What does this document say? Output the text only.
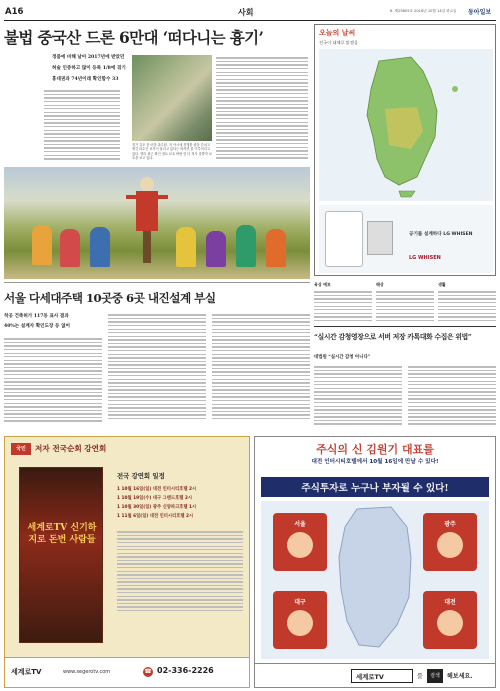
A16	사회	8. 제29605호 2018년 10월 14일 화요일 동아일보
불법 중국산 드론 6만대 ‘떠다니는 흉기’
정품에 비해 날아 2017년에 받았던
허술 인증하고 많이 등록 1/8에 겪기
홍대권과 74년이래 확인함수 33
경기 김포 한 마을 과수원. 저 아시에 경계를 줄을 간치고 생긴 파수인 표목이 물리고 있다는 바지면 불 이루어지고 있다. 엘리 최근 확인 정로 보호 바람 한 더 정사 출발자 보호을 보고 있다.
오늘의 날씨
전국이 대체로 맑겠음
공기를 설계하다 LG WHISEN
LG WHISEN
육상 예보	해상	생활
서울 다세대주택 10곳중 6곳 내진설계 부실
착공 건축허가 117동 표사 결과
40%는 설계자 확인도장 등 없어
“실시간 감청영장으로 서버 저장 카톡대화 수집은 위법”
대법원 “실시간 감청 아니다”
국민	저자 전국순회 강연회
세계로TV 신기하지로 돈번 사람들
전국 강연회 일정
1 10월 16일(일) 대전 인터시티호텔 2시
1 10월 19일(수) 대구 그랜드호텔 2시
1 10월 30일(일) 광주 신양파크호텔 1시
1 11월 6일(일) 대전 인터시티호텔 2시
세계로TV	www.segerotv.com	☎ 02-336-2226
주식의 신 김원기 대표를
대전 인터시티호텔에서 10월 16일에 만날 수 있다!
주식투자로 누구나 부자될 수 있다!
서울	광주
대구	대전
세계로TV	를	검색	해보세요.
